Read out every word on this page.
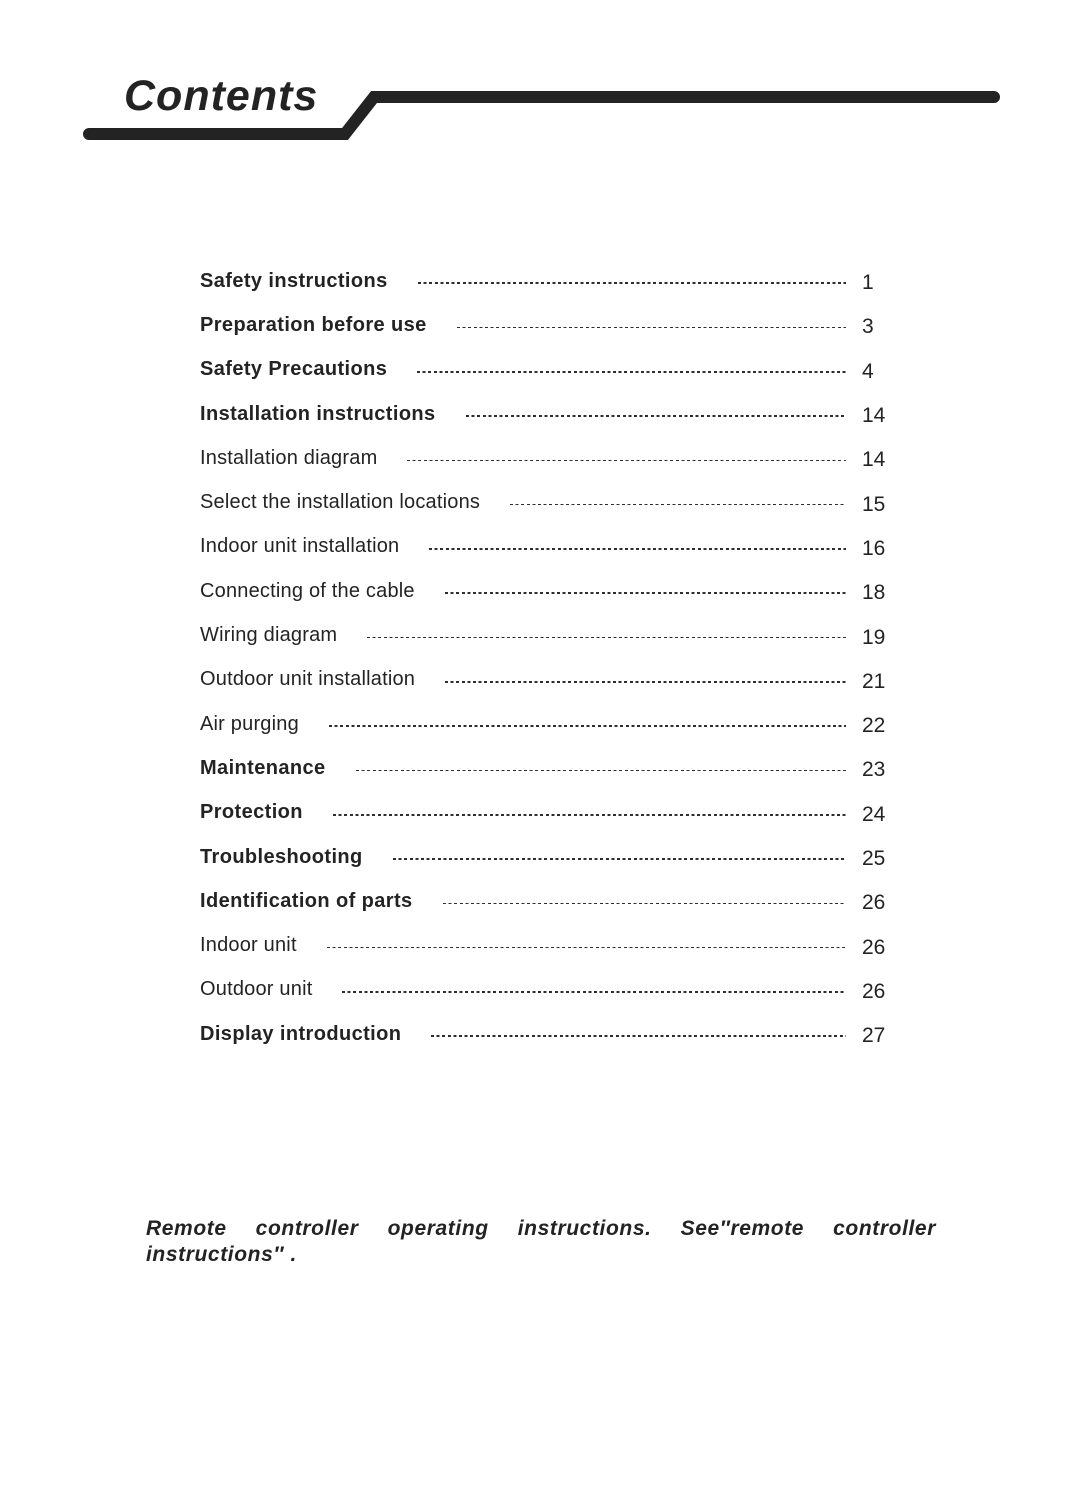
Contents
Safety instructions	1
Preparation before use	3
Safety Precautions	4
Installation instructions	14
Installation diagram	14
Select the installation locations	15
Indoor unit installation	16
Connecting of the cable	18
Wiring diagram	19
Outdoor unit installation	21
Air purging	22
Maintenance	23
Protection	24
Troubleshooting	25
Identification of parts	26
Indoor unit	26
Outdoor unit	26
Display introduction	27
Remote controller operating instructions. See″remote controller
instructions″ .
